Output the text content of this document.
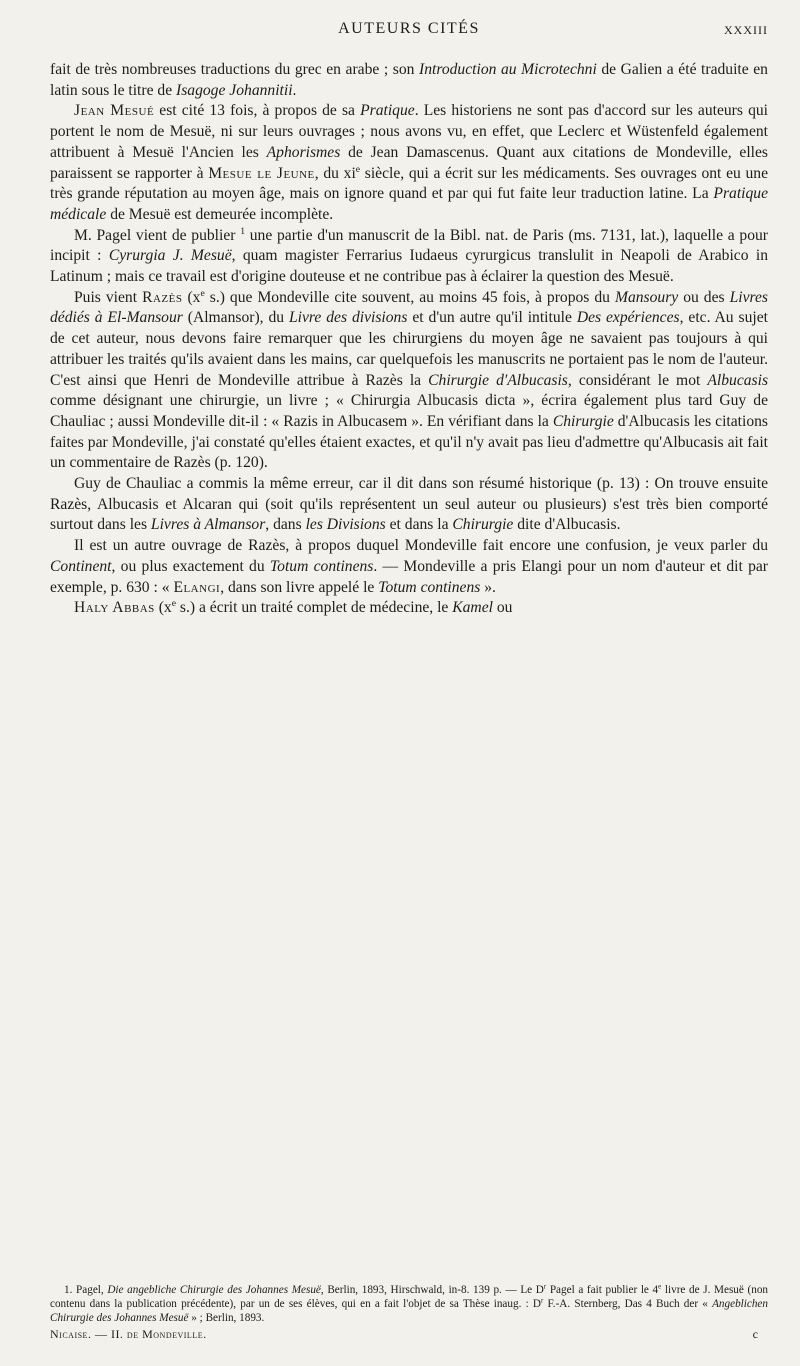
AUTEURS CITÉS	XXXIII

fait de très nombreuses traductions du grec en arabe ; son Introduction au Microtechni de Galien a été traduite en latin sous le titre de Isagoge Johannitii.

Jean Mesué est cité 13 fois, à propos de sa Pratique. Les historiens ne sont pas d'accord sur les auteurs qui portent le nom de Mesuë, ni sur leurs ouvrages ; nous avons vu, en effet, que Leclerc et Wüstenfeld également attribuent à Mesuë l'Ancien les Aphorismes de Jean Damascenus. Quant aux citations de Mondeville, elles paraissent se rapporter à Mesue le Jeune, du $xi^e$ siècle, qui a écrit sur les médicaments. Ses ouvrages ont eu une très grande réputation au moyen âge, mais on ignore quand et par qui fut faite leur traduction latine. La Pratique médicale de Mesuë est demeurée incomplète.

M. Pagel vient de publier $^1$ une partie d'un manuscrit de la Bibl. nat. de Paris (ms. 7131, lat.), laquelle a pour incipit : Cyrurgia J. Mesuë, quam magister Ferrarius Iudaeus cyrurgicus translulit in Neapoli de Arabico in Latinum ; mais ce travail est d'origine douteuse et ne contribue pas à éclairer la question des Mesuë.

Puis vient Razès ($x^e$ s.) que Mondeville cite souvent, au moins 45 fois, à propos du Mansoury ou des Livres dédiés à El-Mansour (Almansor), du Livre des divisions et d'un autre qu'il intitule Des expériences, etc. Au sujet de cet auteur, nous devons faire remarquer que les chirurgiens du moyen âge ne savaient pas toujours à qui attribuer les traités qu'ils avaient dans les mains, car quelquefois les manuscrits ne portaient pas le nom de l'auteur. C'est ainsi que Henri de Mondeville attribue à Razès la Chirurgie d'Albucasis, considérant le mot Albucasis comme désignant une chirurgie, un livre ; « Chirurgia Albucasis dicta », écrira également plus tard Guy de Chauliac ; aussi Mondeville dit-il : « Razis in Albucasem ». En vérifiant dans la Chirurgie d'Albucasis les citations faites par Mondeville, j'ai constaté qu'elles étaient exactes, et qu'il n'y avait pas lieu d'admettre qu'Albucasis ait fait un commentaire de Razès (p. 120).

Guy de Chauliac a commis la même erreur, car il dit dans son résumé historique (p. 13) : On trouve ensuite Razès, Albucasis et Alcaran qui (soit qu'ils représentent un seul auteur ou plusieurs) s'est très bien comporté surtout dans les Livres à Almansor, dans les Divisions et dans la Chirurgie dite d'Albucasis.

Il est un autre ouvrage de Razès, à propos duquel Mondeville fait encore une confusion, je veux parler du Continent, ou plus exactement du Totum continens. — Mondeville a pris Elangi pour un nom d'auteur et dit par exemple, p. 630 : « Elangi, dans son livre appelé le Totum continens ».

Haly Abbas ($x^e$ s.) a écrit un traité complet de médecine, le Kamel ou

1. Pagel, Die angebliche Chirurgie des Johannes Mesuë, Berlin, 1893, Hirschwald, in-8. 139 p. — Le $D^r$ Pagel a fait publier le 4e livre de J. Mesuë (non contenu dans la publication précédente), par un de ses élèves, qui en a fait l'objet de sa Thèse inaug. : $D^r$ F.-A. Sternberg, Das 4 Buch der « Angeblichen Chirurgie des Johannes Mesuë » ; Berlin, 1893.

Nicaise. — II. de Mondeville.	c
